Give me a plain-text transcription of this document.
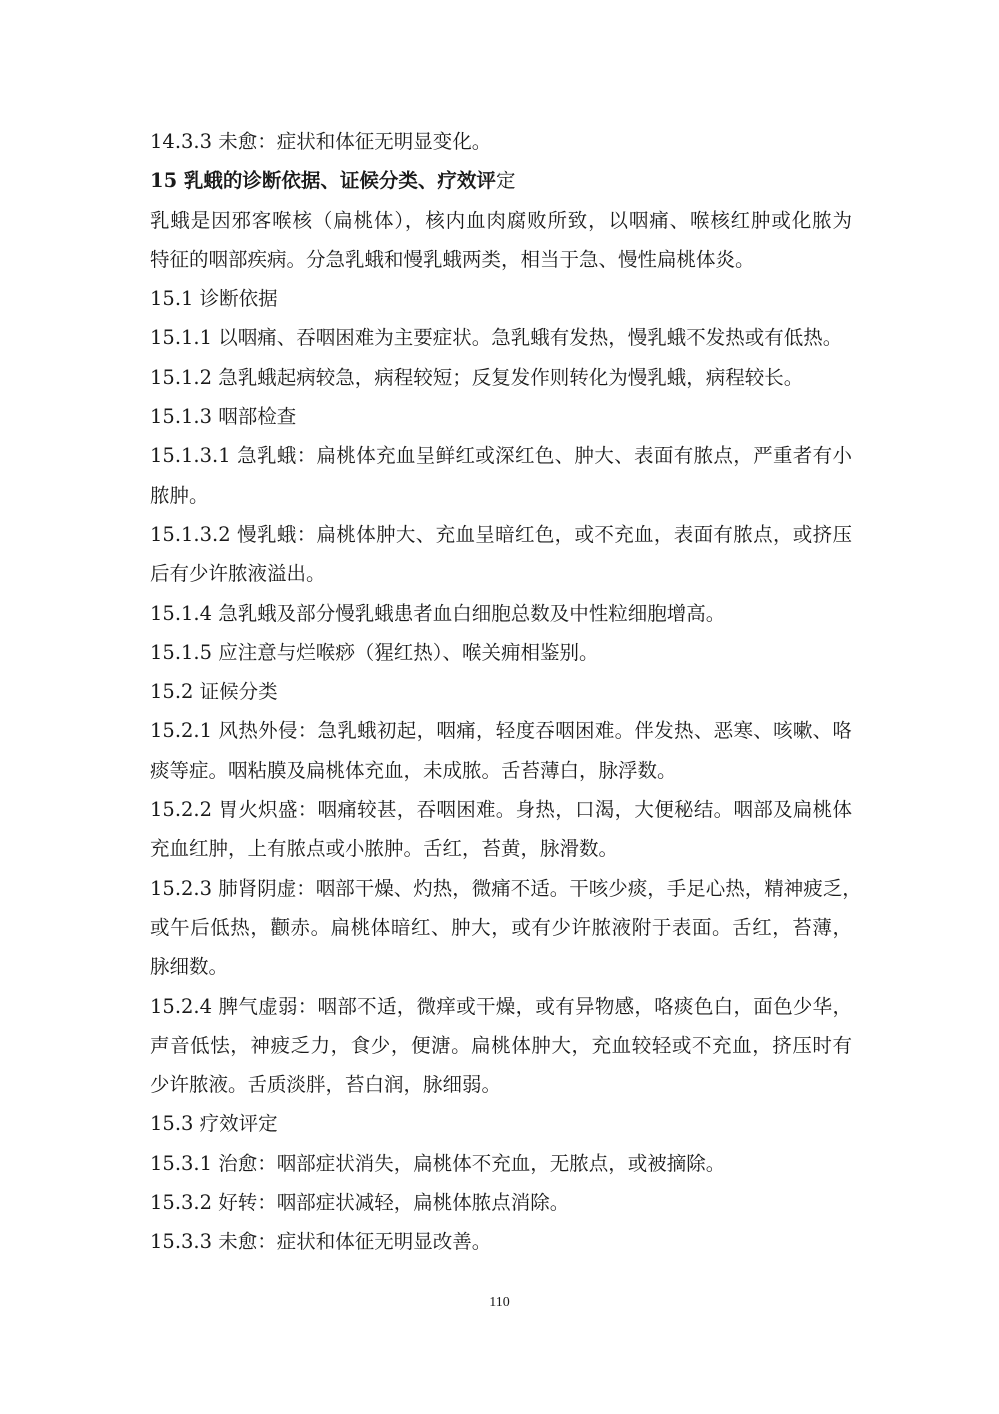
14.3.3 未愈：症状和体征无明显变化。
15 乳蛾的诊断依据、证候分类、疗效评定
乳蛾是因邪客喉核（扁桃体），核内血肉腐败所致，以咽痛、喉核红肿或化脓为
特征的咽部疾病。分急乳蛾和慢乳蛾两类，相当于急、慢性扁桃体炎。
15.1 诊断依据
15.1.1 以咽痛、吞咽困难为主要症状。急乳蛾有发热，慢乳蛾不发热或有低热。
15.1.2 急乳蛾起病较急，病程较短；反复发作则转化为慢乳蛾，病程较长。
15.1.3 咽部检查
15.1.3.1 急乳蛾：扁桃体充血呈鲜红或深红色、肿大、表面有脓点，严重者有小
脓肿。
15.1.3.2 慢乳蛾：扁桃体肿大、充血呈暗红色，或不充血，表面有脓点，或挤压
后有少许脓液溢出。
15.1.4 急乳蛾及部分慢乳蛾患者血白细胞总数及中性粒细胞增高。
15.1.5 应注意与烂喉痧（猩红热）、喉关痈相鉴别。
15.2 证候分类
15.2.1 风热外侵：急乳蛾初起，咽痛，轻度吞咽困难。伴发热、恶寒、咳嗽、咯
痰等症。咽粘膜及扁桃体充血，未成脓。舌苔薄白，脉浮数。
15.2.2 胃火炽盛：咽痛较甚，吞咽困难。身热，口渴，大便秘结。咽部及扁桃体
充血红肿，上有脓点或小脓肿。舌红，苔黄，脉滑数。
15.2.3 肺肾阴虚：咽部干燥、灼热，微痛不适。干咳少痰，手足心热，精神疲乏，
或午后低热，颧赤。扁桃体暗红、肿大，或有少许脓液附于表面。舌红，苔薄，
脉细数。
15.2.4 脾气虚弱：咽部不适，微痒或干燥，或有异物感，咯痰色白，面色少华，
声音低怯，神疲乏力，食少，便溏。扁桃体肿大，充血较轻或不充血，挤压时有
少许脓液。舌质淡胖，苔白润，脉细弱。
15.3 疗效评定
15.3.1 治愈：咽部症状消失，扁桃体不充血，无脓点，或被摘除。
15.3.2 好转：咽部症状减轻，扁桃体脓点消除。
15.3.3 未愈：症状和体征无明显改善。
110
